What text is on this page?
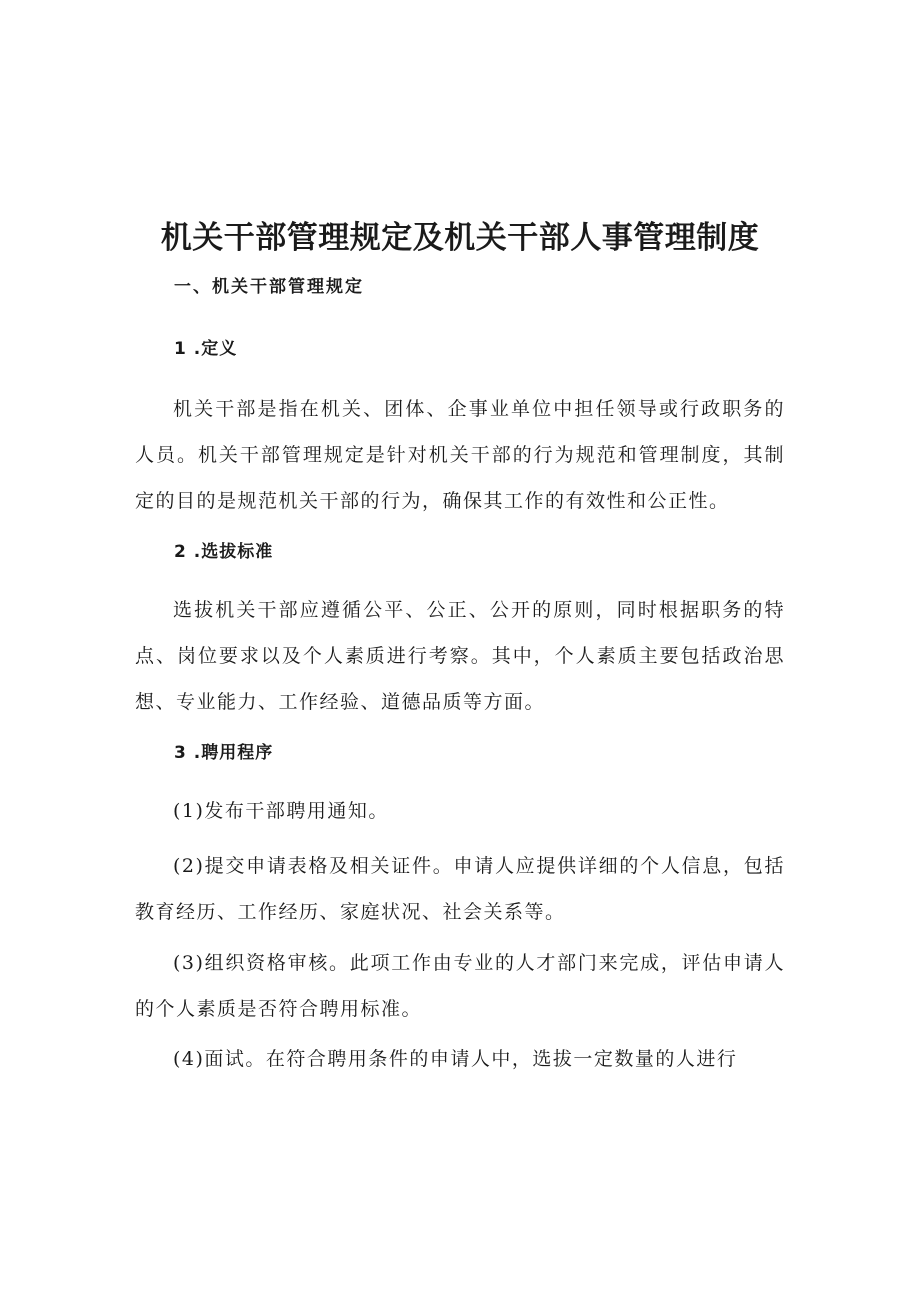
机关干部管理规定及机关干部人事管理制度
一、机关干部管理规定
1 .定义

机关干部是指在机关、团体、企事业单位中担任领导或行政职务的人员。机关干部管理规定是针对机关干部的行为规范和管理制度，其制定的目的是规范机关干部的行为，确保其工作的有效性和公正性。

2 .选拔标准

选拔机关干部应遵循公平、公正、公开的原则，同时根据职务的特点、岗位要求以及个人素质进行考察。其中，个人素质主要包括政治思想、专业能力、工作经验、道德品质等方面。

3 .聘用程序

(1)发布干部聘用通知。

(2)提交申请表格及相关证件。申请人应提供详细的个人信息，包括教育经历、工作经历、家庭状况、社会关系等。

(3)组织资格审核。此项工作由专业的人才部门来完成，评估申请人的个人素质是否符合聘用标准。

(4)面试。在符合聘用条件的申请人中，选拔一定数量的人进行
